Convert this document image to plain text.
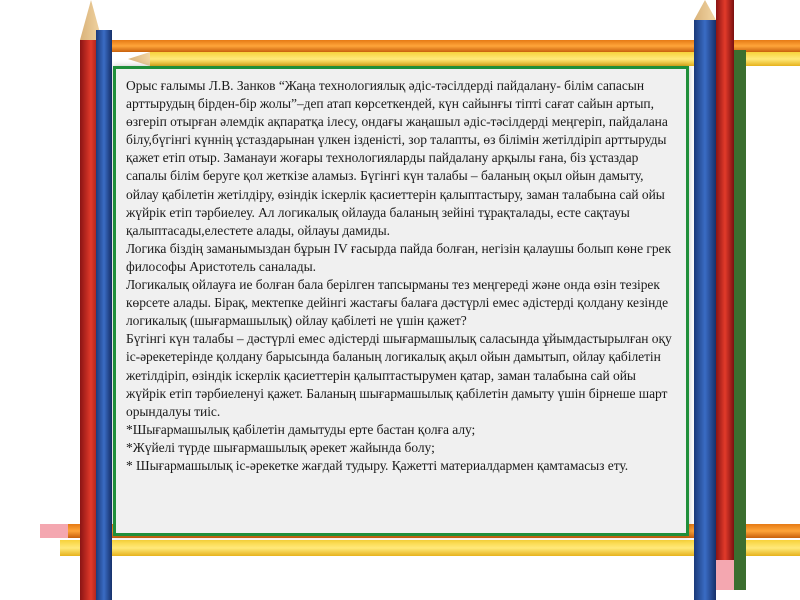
Орыс ғалымы Л.В. Занков “Жаңа технологиялық әдіс-тәсілдерді пайдалану- білім сапасын арттырудың бірден-бір жолы”–деп атап көрсеткендей, күн сайынғы тіпті сағат сайын артып, өзгеріп отырған әлемдік ақпаратқа ілесу, ондағы жаңашыл әдіс-тәсілдерді меңгеріп, пайдалана білу,бүгінгі күннің ұстаздарынан үлкен ізденісті, зор талапты, өз білімін жетілдіріп арттыруды қажет етіп отыр. Заманауи жоғары технологияларды пайдалану арқылы ғана, біз ұстаздар сапалы білім беруге қол жеткізе аламыз. Бүгінгі күн талабы – баланың оқыл ойын дамыту, ойлау қабілетін жетілдіру, өзіндік іскерлік қасиеттерін қалыптастыру, заман талабына сай ойы жүйрік етіп тәрбиелеу. Ал логикалық ойлауда баланың зейіні тұрақталады, есте сақтауы қалыптасады,елестете алады, ойлауы дамиды.

Логика біздің заманымыздан бұрын IV ғасырда пайда болған, негізін қалаушы болып көне грек философы Аристотель саналады.

Логикалық ойлауға ие болған бала берілген тапсырманы тез меңгереді және онда өзін тезірек көрсете алады. Бірақ, мектепке дейінгі жастағы балаға дәстүрлі емес әдістерді қолдану кезінде логикалық (шығармашылық) ойлау қабілеті не үшін қажет?

Бүгінгі күн талабы – дәстүрлі емес әдістерді шығармашылық саласында ұйымдастырылған оқу іс-әрекетерінде қолдану барысында баланың логикалық ақыл ойын дамытып, ойлау қабілетін жетілдіріп, өзіндік іскерлік қасиеттерін қалыптастырумен қатар, заман талабына сай ойы жүйрік етіп тәрбиеленуі қажет. Баланың шығармашылық қабілетін дамыту үшін бірнеше шарт орындалуы тиіс.

*Шығармашылық қабілетін дамытуды ерте бастан қолға алу;

*Жүйелі түрде шығармашылық әрекет жайында болу;

* Шығармашылық іс-әрекетке жағдай тудыру. Қажетті материалдармен қамтамасыз ету.
